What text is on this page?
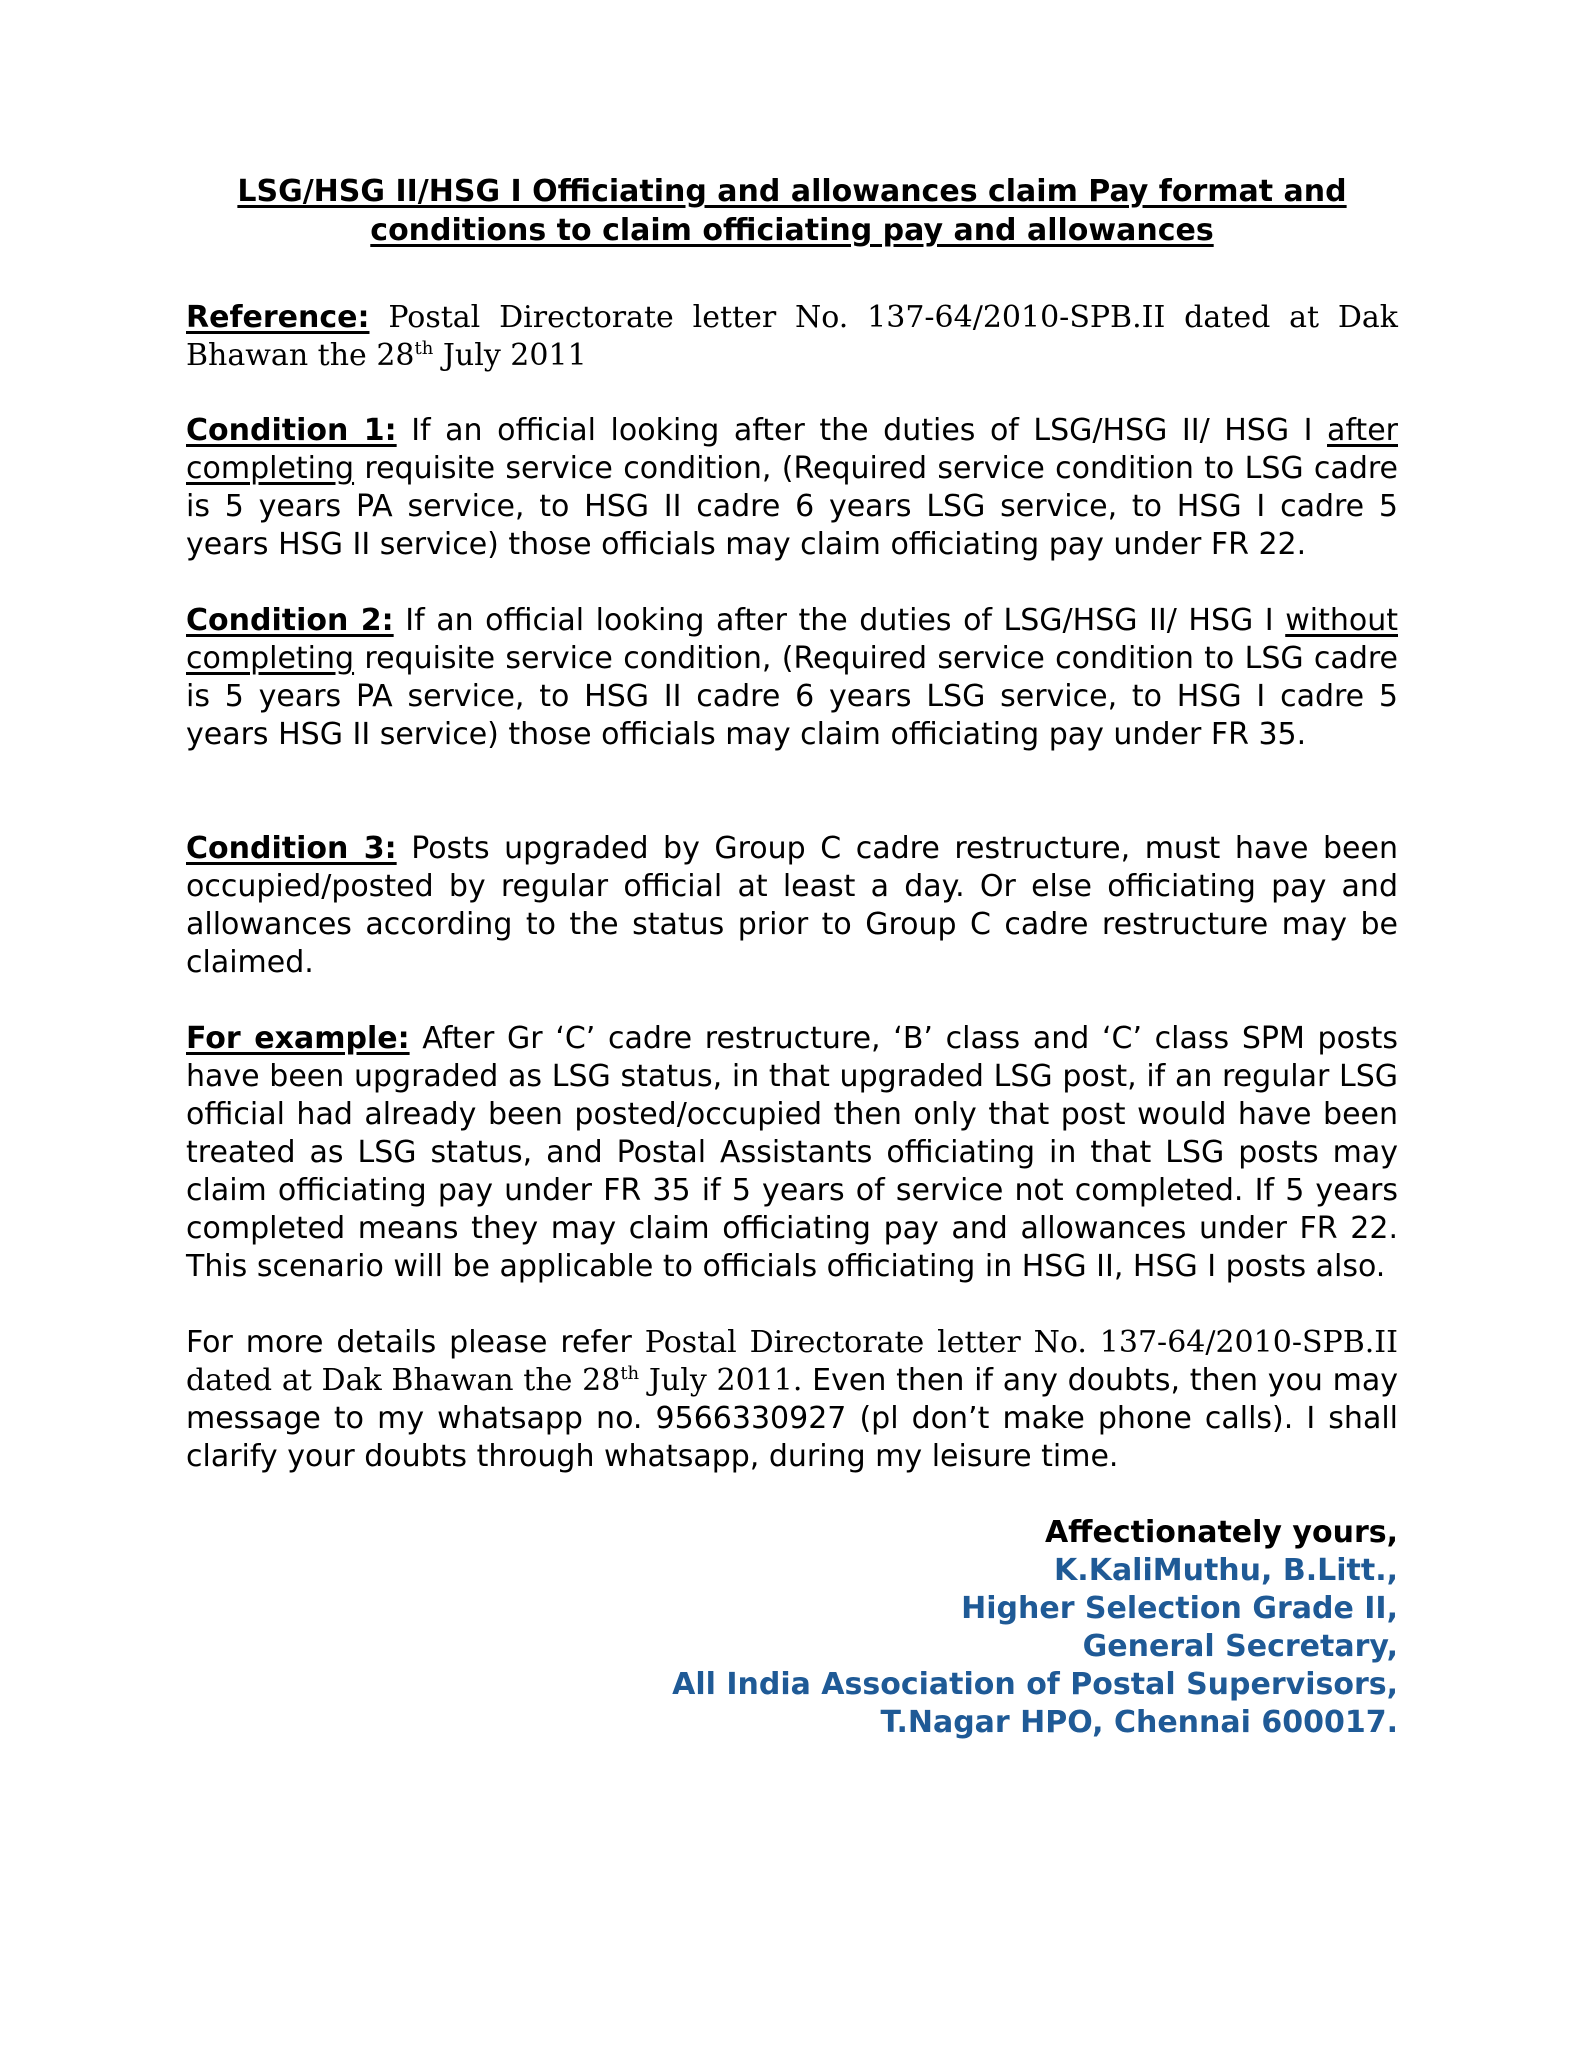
LSG/HSG II/HSG I Officiating and allowances claim Pay format and
conditions to claim officiating pay and allowances

Reference: Postal Directorate letter No. 137-64/2010-SPB.II dated at Dak Bhawan the 28th July 2011

Condition 1: If an official looking after the duties of LSG/HSG II/ HSG I after completing requisite service condition, (Required service condition to LSG cadre is 5 years PA service, to HSG II cadre 6 years LSG service, to HSG I cadre 5 years HSG II service) those officials may claim officiating pay under FR 22.

Condition 2: If an official looking after the duties of LSG/HSG II/ HSG I without completing requisite service condition, (Required service condition to LSG cadre is 5 years PA service, to HSG II cadre 6 years LSG service, to HSG I cadre 5 years HSG II service) those officials may claim officiating pay under FR 35.

Condition 3: Posts upgraded by Group C cadre restructure, must have been occupied/posted by regular official at least a day. Or else officiating pay and allowances according to the status prior to Group C cadre restructure may be claimed.

For example: After Gr ‘C’ cadre restructure, ‘B’ class and ‘C’ class SPM posts have been upgraded as LSG status, in that upgraded LSG post, if an regular LSG official had already been posted/occupied then only that post would have been treated as LSG status, and Postal Assistants officiating in that LSG posts may claim officiating pay under FR 35 if 5 years of service not completed. If 5 years completed means they may claim officiating pay and allowances under FR 22. This scenario will be applicable to officials officiating in HSG II, HSG I posts also.

For more details please refer Postal Directorate letter No. 137-64/2010-SPB.II dated at Dak Bhawan the 28th July 2011. Even then if any doubts, then you may message to my whatsapp no. 9566330927 (pl don’t make phone calls). I shall clarify your doubts through whatsapp, during my leisure time.

Affectionately yours,
K.KaliMuthu, B.Litt.,
Higher Selection Grade II,
General Secretary,
All India Association of Postal Supervisors,
T.Nagar HPO, Chennai 600017.
